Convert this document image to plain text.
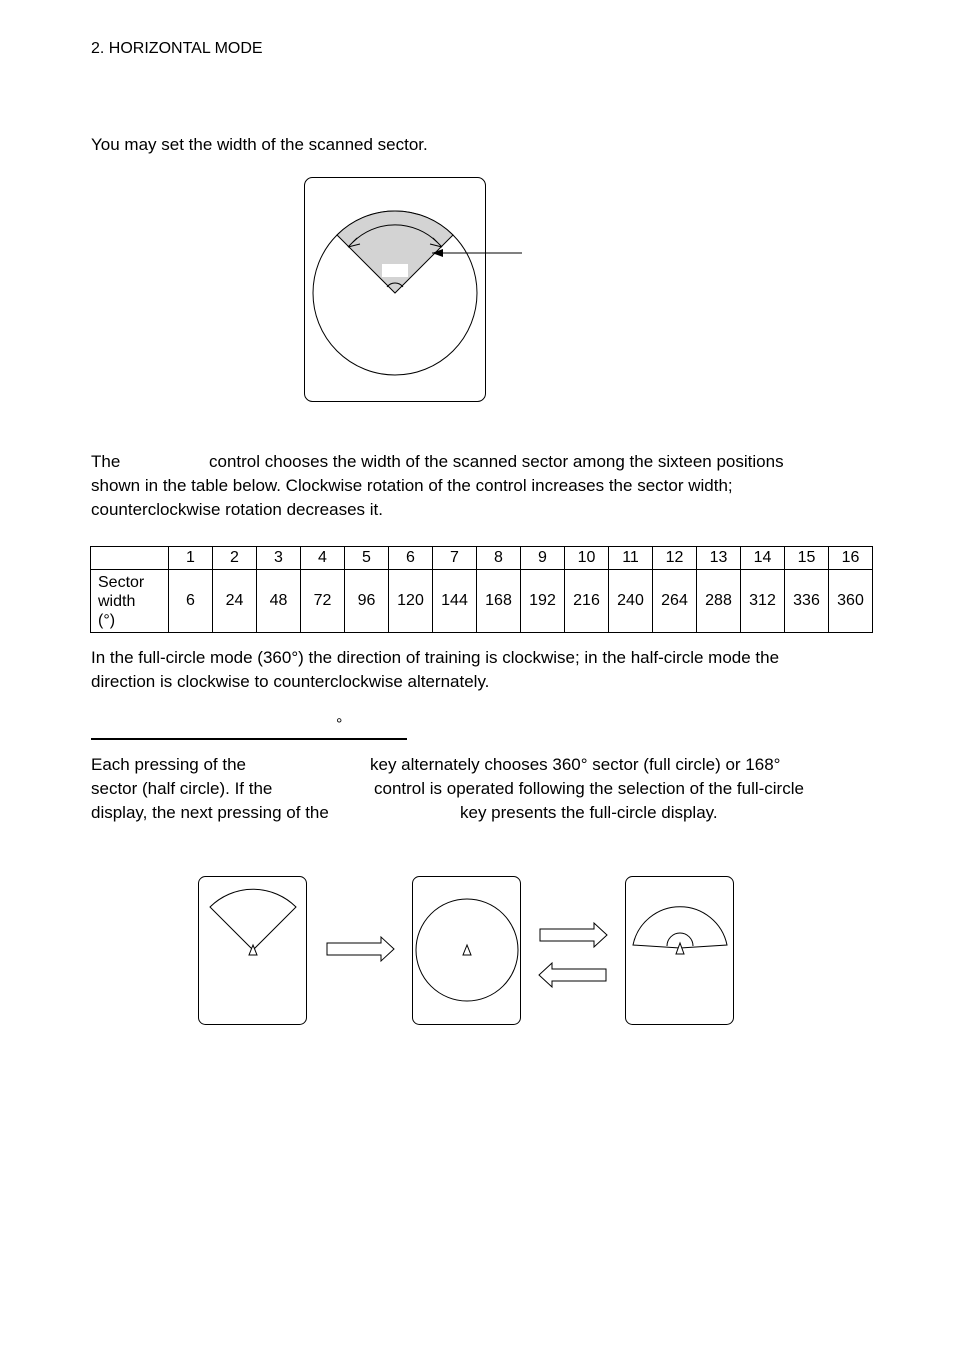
2. HORIZONTAL MODE
You may set the width of the scanned sector.
The	control chooses the width of the scanned sector among the sixteen positions
shown in the table below. Clockwise rotation of the control increases the sector width;
counterclockwise rotation decreases it.
	1	2	3	4	5	6	7	8	9	10	11	12	13	14	15	16

Sector
width
(°)	6	24	48	72	96	120	144	168	192	216	240	264	288	312	336	360
In the full-circle mode (360°) the direction of training is clockwise; in the half-circle mode the
direction is clockwise to counterclockwise alternately.
°
Each pressing of the	key alternately chooses 360° sector (full circle) or 168°
sector (half circle). If the	control is operated following the selection of the full-circle
display, the next pressing of the	key presents the full-circle display.
